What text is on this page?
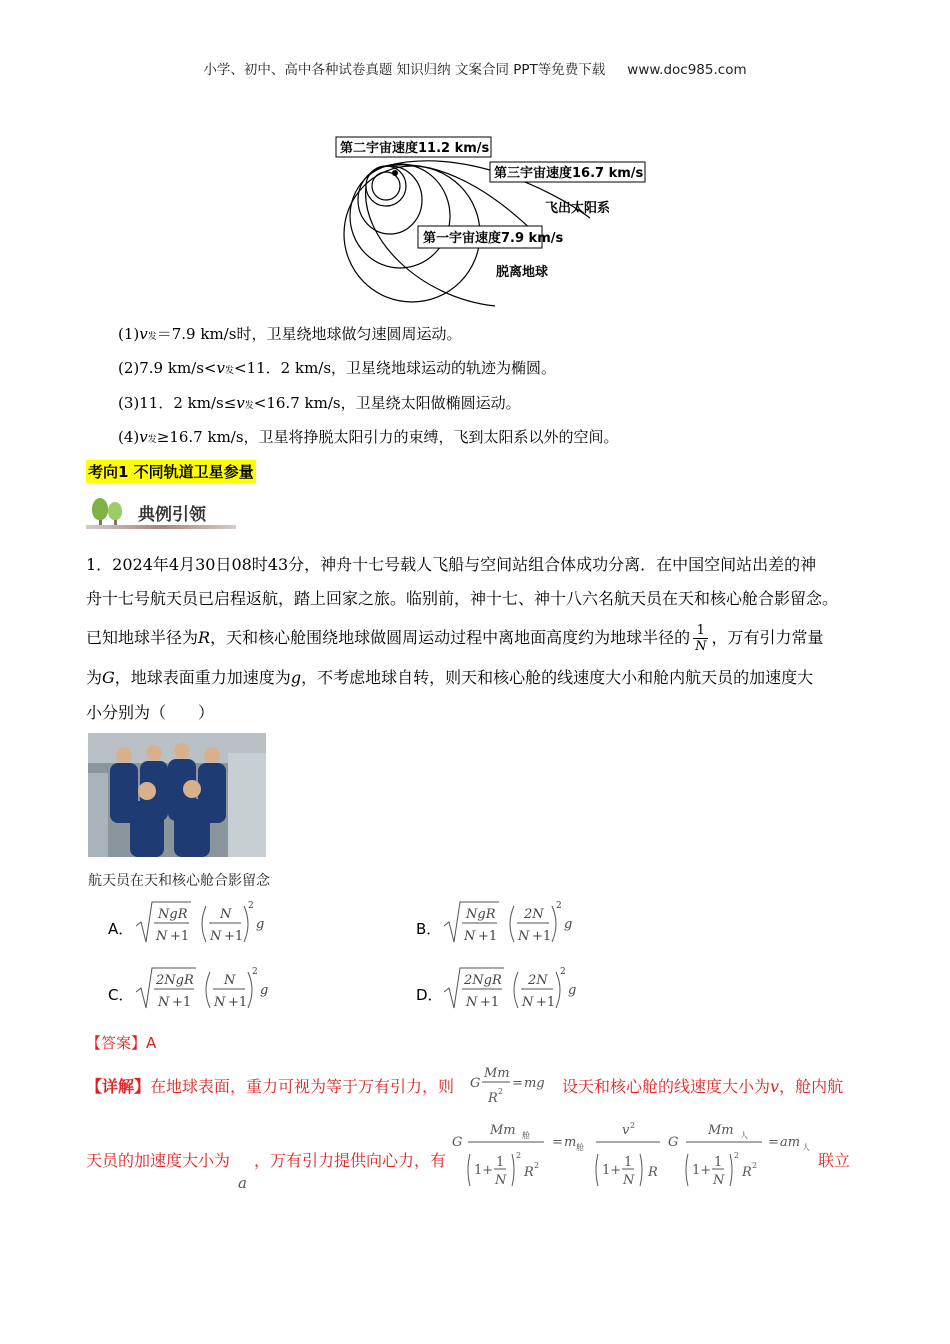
小学、初中、高中各种试卷真题 知识归纳 文案合同 PPT等免费下载 www.doc985.com
第二宇宙速度11.2 km/s
第三宇宙速度16.7 km/s
飞出太阳系
第一宇宙速度7.9 km/s
脱离地球
(1)v发＝7.9 km/s时，卫星绕地球做匀速圆周运动。
(2)7.9 km/s<v发<11．2 km/s，卫星绕地球运动的轨迹为椭圆。
(3)11．2 km/s≤v发<16.7 km/s，卫星绕太阳做椭圆运动。
(4)v发≥16.7 km/s，卫星将挣脱太阳引力的束缚，飞到太阳系以外的空间。
考向1 不同轨道卫星参量
典例引领
1．2024年4月30日08时43分，神舟十七号载人飞船与空间站组合体成功分离．在中国空间站出差的神
舟十七号航天员已启程返航，踏上回家之旅。临别前，神十七、神十八六名航天员在天和核心舱合影留念。
已知地球半径为R，天和核心舱围绕地球做圆周运动过程中离地面高度约为地球半径的 $\frac{1}{N}$ ，万有引力常量
为G，地球表面重力加速度为g，不考虑地球自转，则天和核心舱的线速度大小和舱内航天员的加速度大
小分别为（　　）
航天员在天和核心舱合影留念
A．
NgR
N +1
N
N +1
2
g	B．
NgR
N +1
2N
N +1
2
g
C．
2NgR
N +1
N
N +1
2
g	D．
2NgR
N +1
2N
N +1
2
g
【答案】A
【详解】在地球表面，重力可视为等于万有引力，则 G
Mm
R 2
= mg 设天和核心舱的线速度大小为v，舱内航
天员的加速度大小为 ，万有引力提供向心力，有
a
G
Mm 舱
1+
1
N
2
R 2
= m 舱
v 2
1+
1
N
R
G
Mm 人
1+
1
N
2
R 2
= am 人
联立
